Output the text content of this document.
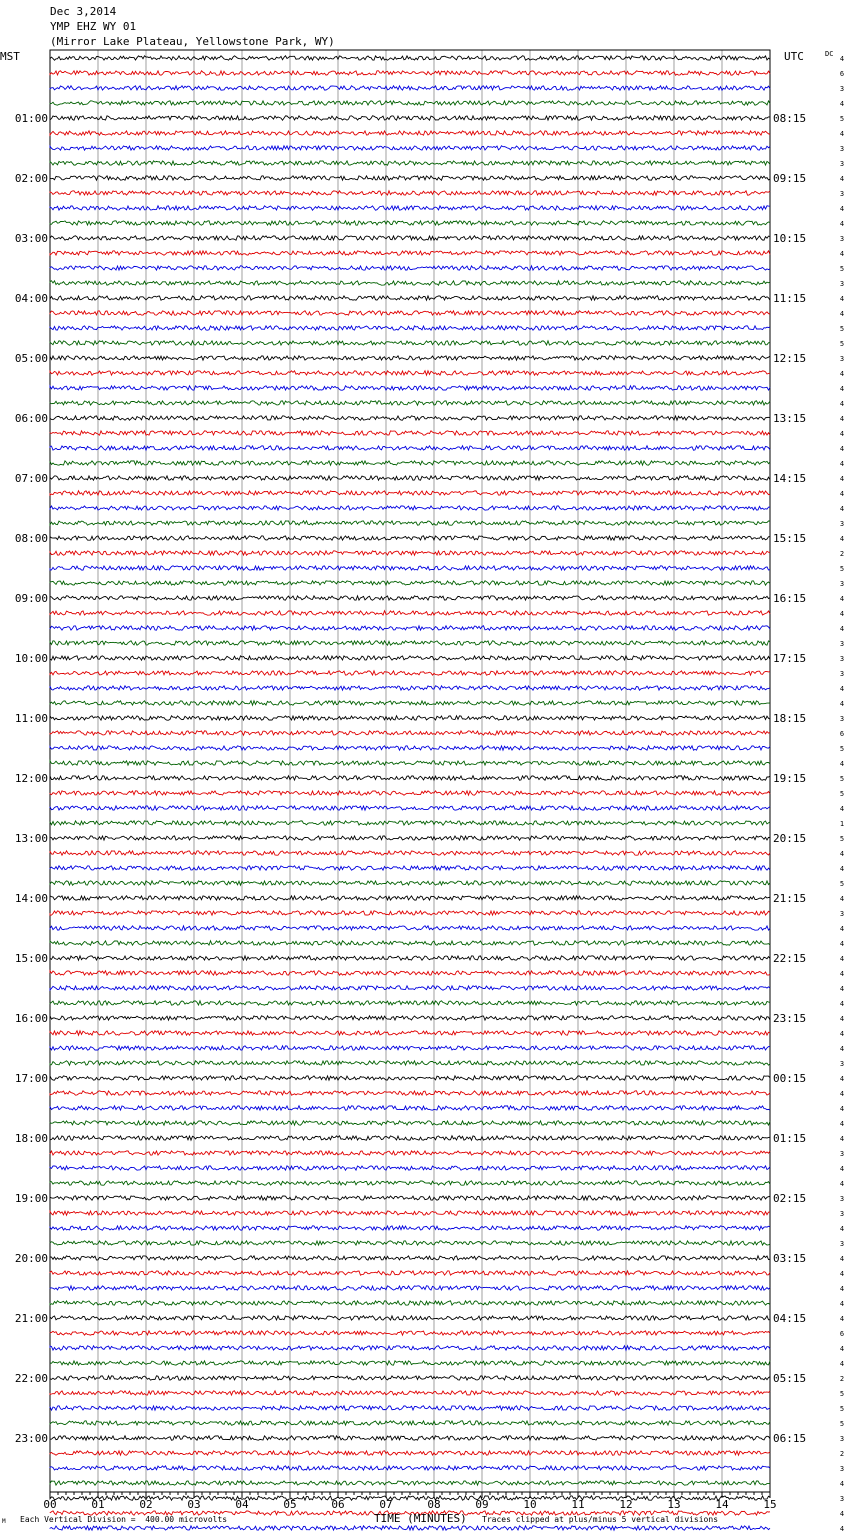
Dec 3,2014
YMP EHZ WY 01
(Mirror Lake Plateau, Yellowstone Park, WY)
MST	UTC	DC
4
6
3
4
5
4
3
3
4
3
4
4
3
4
5
3
4
4
5
5
3
4
4
4
4
4
4
4
4
4
4
3
4
2
5
3
4
4
4
3
3
3
4
4
3
6
5
4
5
5
4
1
5
4
4
5
4
3
4
4
4
4
4
4
4
4
4
3
4
4
4
4
4
3
4
4
3
3
4
3
4
4
4
4
4
6
4
4
2
5
5
5
3
2
3
4
3
4
4
01:00
02:00
03:00
04:00
05:00
06:00
07:00
08:00
09:00
10:00
11:00
12:00
13:00
14:00
15:00
16:00
17:00
18:00
19:00
20:00
21:00
22:00
23:00
08:15
09:15
10:15
11:15
12:15
13:15
14:15
15:15
16:15
17:15
18:15
19:15
20:15
21:15
22:15
23:15
00:15
01:15
02:15
03:15
04:15
05:15
06:15
00	01	02	03	04	05	06	07	08	09	10	11	12	13	14	15
M Each Vertical Division =  400.00 microvolts	TIME (MINUTES) Traces clipped at plus/minus 5 vertical divisions
